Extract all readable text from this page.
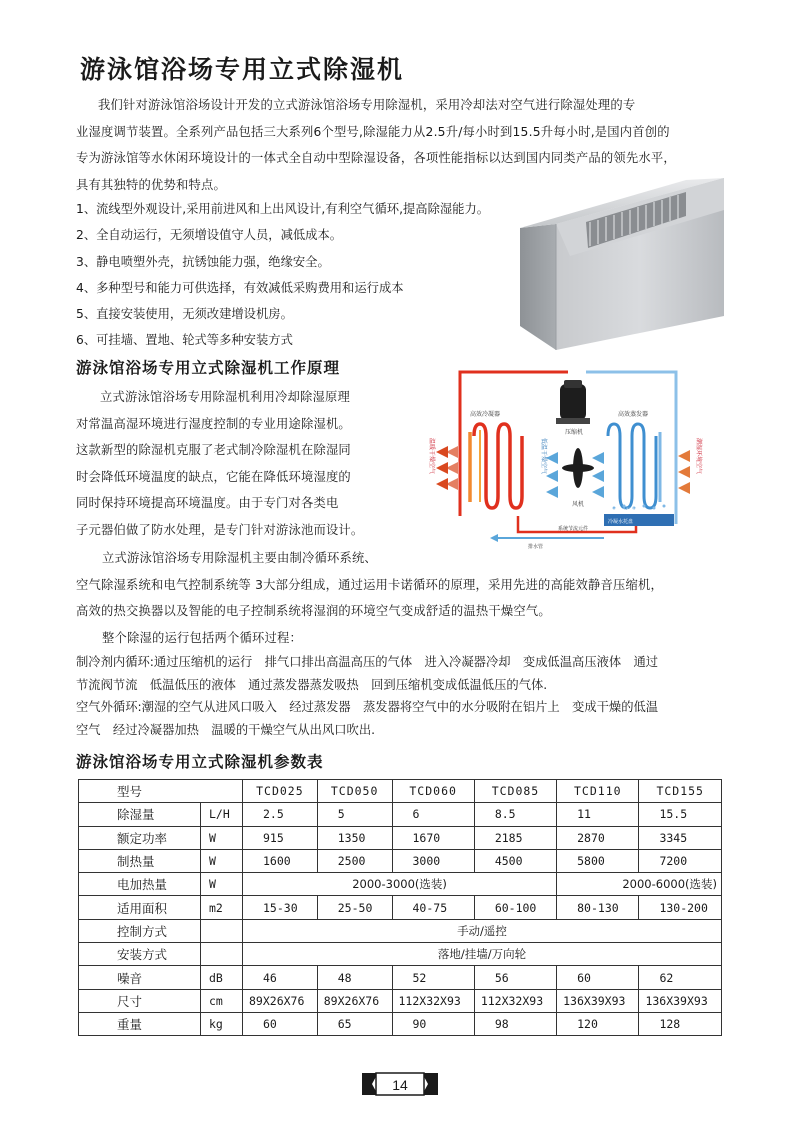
游泳馆浴场专用立式除湿机
我们针对游泳馆浴场设计开发的立式游泳馆浴场专用除湿机，采用冷却法对空气进行除湿处理的专
业湿度调节装置。全系列产品包括三大系列6个型号,除湿能力从2.5升/每小时到15.5升每小时,是国内首创的
专为游泳馆等水休闲环境设计的一体式全自动中型除湿设备，各项性能指标以达到国内同类产品的领先水平，
具有其独特的优势和特点。
1、流线型外观设计,采用前进风和上出风设计,有利空气循环,提高除湿能力。
2、全自动运行，无须增设值守人员，减低成本。
3、静电喷塑外壳，抗锈蚀能力强，绝缘安全。
4、多种型号和能力可供选择，有效减低采购费用和运行成本
5、直接安装使用，无须改建增设机房。
6、可挂墙、置地、轮式等多种安装方式
游泳馆浴场专用立式除湿机工作原理
立式游泳馆浴场专用除湿机利用冷却除湿原理
对常温高湿环境进行湿度控制的专业用途除湿机。
这款新型的除湿机克服了老式制冷除湿机在除湿同
时会降低环境温度的缺点，它能在降低环境湿度的
同时保持环境提高环境温度。由于专门对各类电
子元器伯做了防水处理，是专门针对游泳池而设计。
压缩机
风机
高效冷凝器	高效蒸发器
空气中冷凝出的水
冷凝水托盘
系统节流元件
排水管
温暖干燥空气	低温干燥空气	潮湿环境空气
立式游泳馆浴场专用除湿机主要由制冷循环系统、
空气除湿系统和电气控制系统等 3大部分组成，通过运用卡诺循环的原理，采用先进的高能效静音压缩机，
高效的热交换器以及智能的电子控制系统将湿润的环境空气变成舒适的温热干燥空气。
整个除湿的运行包括两个循环过程：
制冷剂内循环:通过压缩机的运行　排气口排出高温高压的气体　进入冷凝器冷却　变成低温高压液体　通过
节流阀节流　低温低压的液体　通过蒸发器蒸发吸热　回到压缩机变成低温低压的气体.
空气外循环:潮湿的空气从进风口吸入　经过蒸发器　蒸发器将空气中的水分吸附在铝片上　变成干燥的低温
空气　经过冷凝器加热　温暖的干燥空气从出风口吹出.
游泳馆浴场专用立式除湿机参数表
型号		TCD025	TCD050	TCD060	TCD085	TCD110	TCD155
除湿量	L/H	2.5	5	6	8.5	11	15.5
额定功率	W	915	1350	1670	2185	2870	3345
制热量	W	1600	2500	3000	4500	5800	7200
电加热量	W	2000-3000(选装)				2000-6000(选装)	
适用面积	m2	15-30	25-50	40-75	60-100	80-130	130-200
控制方式		手动/遥控					
安装方式		落地/挂墙/万向轮					
噪音	dB	46	48	52	56	60	62
尺寸	cm	89X26X76	89X26X76	112X32X93	112X32X93	136X39X93	136X39X93
重量	kg	60	65	90	98	120	128
14
